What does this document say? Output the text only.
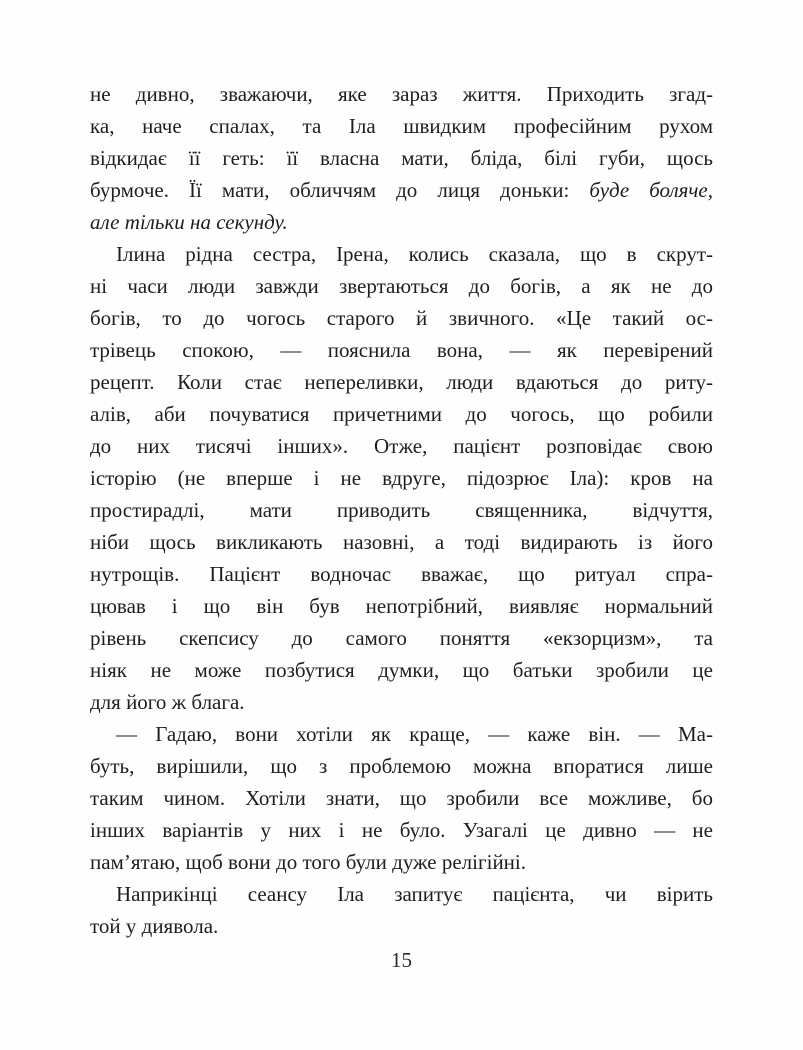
не дивно, зважаючи, яке зараз життя. Приходить згад-
ка, наче спалах, та Іла швидким професійним рухом
відкидає її геть: її власна мати, бліда, білі губи, щось
бурмоче. Її мати, обличчям до лиця доньки: буде боляче,
але тільки на секунду.
Ілина рідна сестра, Ірена, колись сказала, що в скрут-
ні часи люди завжди звертаються до богів, а як не до
богів, то до чогось старого й звичного. «Це такий ос-
трівець спокою, — пояснила вона, — як перевірений
рецепт. Коли стає непереливки, люди вдаються до риту-
алів, аби почуватися причетними до чогось, що робили
до них тисячі інших». Отже, пацієнт розповідає свою
історію (не вперше і не вдруге, підозрює Іла): кров на
простирадлі, мати приводить священника, відчуття,
ніби щось викликають назовні, а тоді видирають із його
нутрощів. Пацієнт водночас вважає, що ритуал спра-
цював і що він був непотрібний, виявляє нормальний
рівень скепсису до самого поняття «екзорцизм», та
ніяк не може позбутися думки, що батьки зробили це
для його ж блага.
— Гадаю, вони хотіли як краще, — каже він. — Ма-
буть, вирішили, що з проблемою можна впоратися лише
таким чином. Хотіли знати, що зробили все можливе, бо
інших варіантів у них і не було. Узагалі це дивно — не
пам’ятаю, щоб вони до того були дуже релігійні.
Наприкінці сеансу Іла запитує пацієнта, чи вірить
той у диявола.
15
